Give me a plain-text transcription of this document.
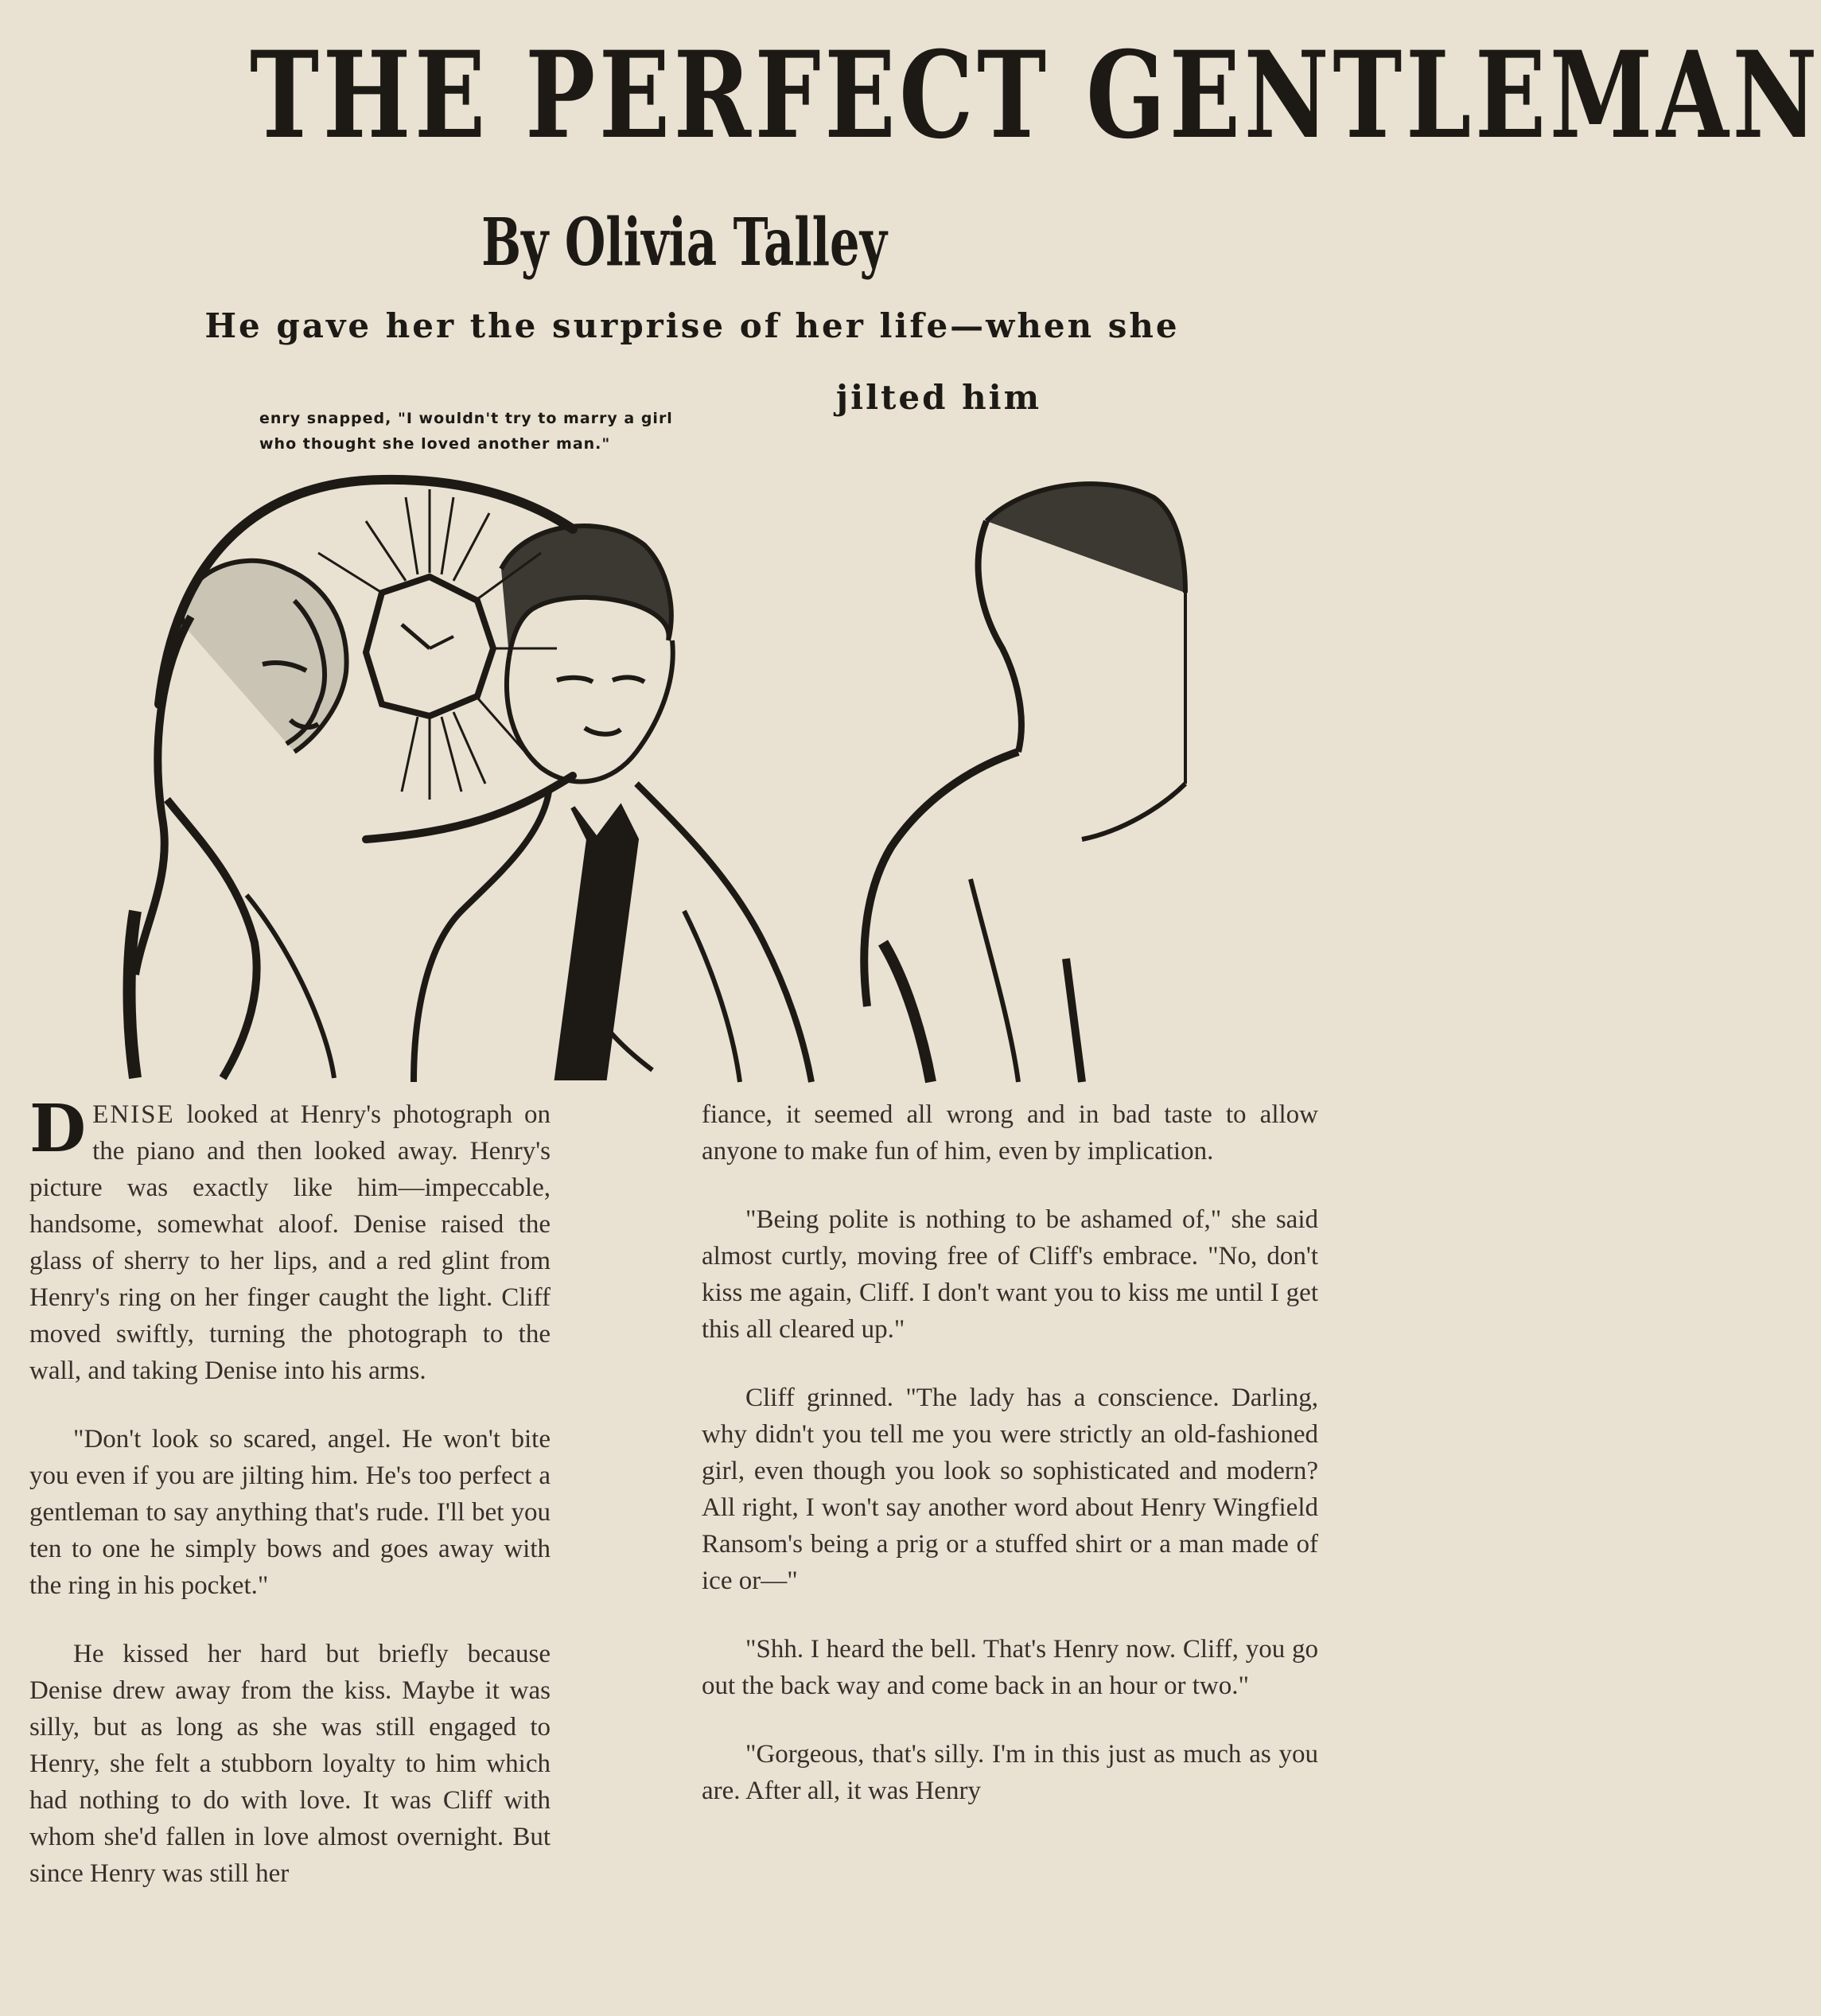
THE PERFECT GENTLEMAN
By Olivia Talley
He gave her the surprise of her life—when she
jilted him
enry snapped, "I wouldn't try to marry a girl who thought she loved another man."

DENISE looked at Henry's photograph on the piano and then looked away. Henry's picture was exactly like him—impeccable, handsome, somewhat aloof. Denise raised the glass of sherry to her lips, and a red glint from Henry's ring on her finger caught the light. Cliff moved swiftly, turning the photograph to the wall, and taking Denise into his arms.

"Don't look so scared, angel. He won't bite you even if you are jilting him. He's too perfect a gentleman to say anything that's rude. I'll bet you ten to one he simply bows and goes away with the ring in his pocket."

He kissed her hard but briefly because Denise drew away from the kiss. Maybe it was silly, but as long as she was still engaged to Henry, she felt a stubborn loyalty to him which had nothing to do with love. It was Cliff with whom she'd fallen in love almost overnight. But since Henry was still her

fiance, it seemed all wrong and in bad taste to allow anyone to make fun of him, even by implication.

"Being polite is nothing to be ashamed of," she said almost curtly, moving free of Cliff's embrace. "No, don't kiss me again, Cliff. I don't want you to kiss me until I get this all cleared up."

Cliff grinned. "The lady has a conscience. Darling, why didn't you tell me you were strictly an old-fashioned girl, even though you look so sophisticated and modern? All right, I won't say another word about Henry Wingfield Ransom's being a prig or a stuffed shirt or a man made of ice or—"

"Shh. I heard the bell. That's Henry now. Cliff, you go out the back way and come back in an hour or two."

"Gorgeous, that's silly. I'm in this just as much as you are. After all, it was Henry
